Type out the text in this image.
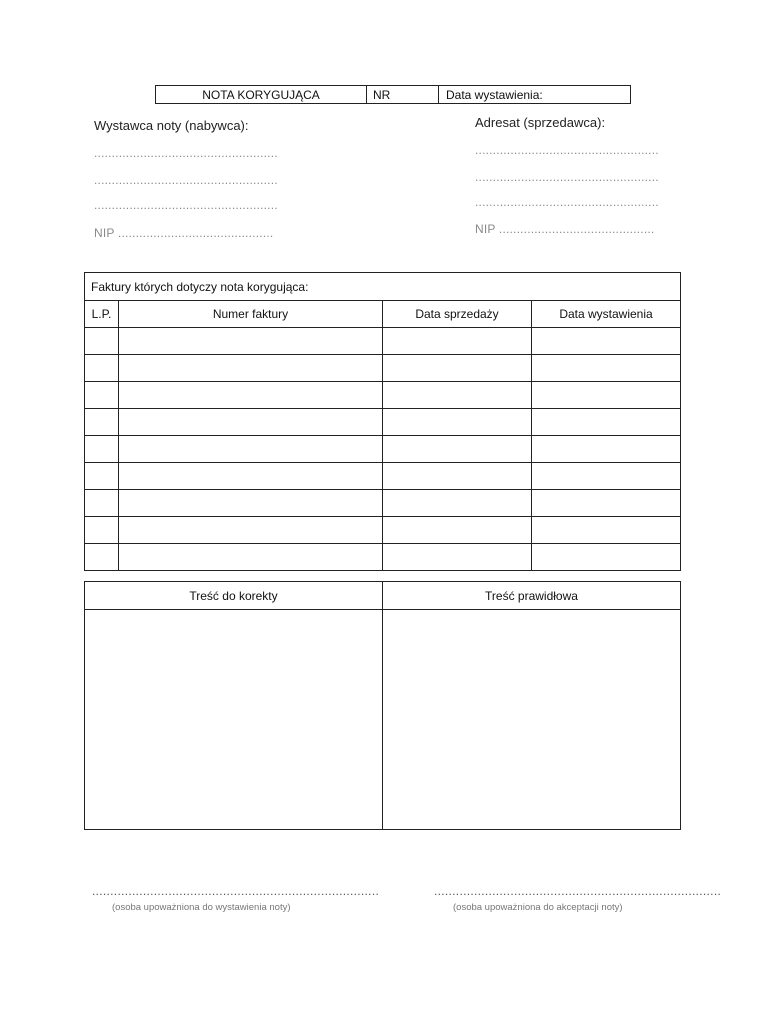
NOTA KORYGUJĄCA	NR	Data wystawienia:
Wystawca noty (nabywca):
....................................................
....................................................
....................................................
NIP ............................................
Adresat (sprzedawca):
....................................................
....................................................
....................................................
NIP ............................................
Faktury których dotyczy nota korygująca:			
L.P.	Numer faktury	Data sprzedaży	Data wystawienia

Treść do korekty	Treść prawidłowa

...............................................................................
(osoba upoważniona do wystawienia noty)
...............................................................................
(osoba upoważniona do akceptacji noty)
